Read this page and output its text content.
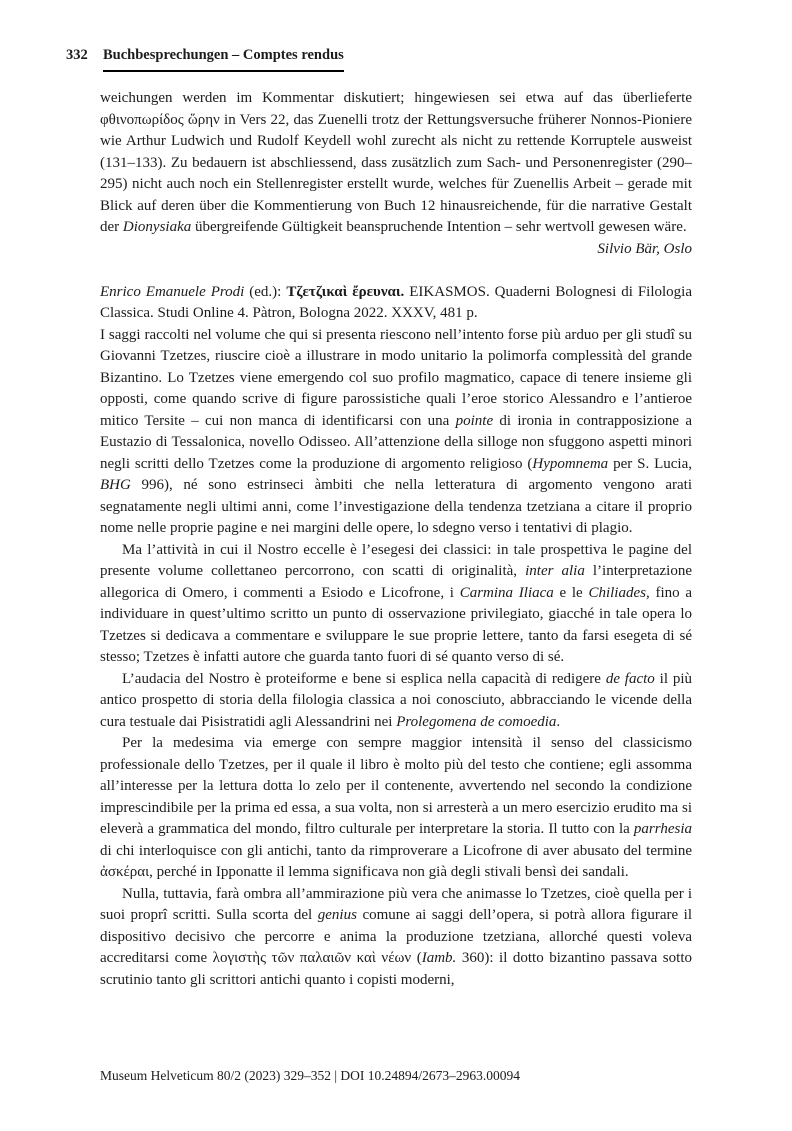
332 Buchbesprechungen – Comptes rendus

weichungen werden im Kommentar diskutiert; hingewiesen sei etwa auf das überlieferte φθινοπωρίδος ὥρην in Vers 22, das Zuenelli trotz der Rettungsversuche früherer Nonnos-Pioniere wie Arthur Ludwich und Rudolf Keydell wohl zurecht als nicht zu rettende Korruptele ausweist (131–133). Zu bedauern ist abschliessend, dass zusätzlich zum Sach- und Personenregister (290–295) nicht auch noch ein Stellenregister erstellt wurde, welches für Zuenellis Arbeit – gerade mit Blick auf deren über die Kommentierung von Buch 12 hinausreichende, für die narrative Gestalt der Dionysiaka übergreifende Gültigkeit beanspruchende Intention – sehr wertvoll gewesen wäre.

Silvio Bär, Oslo

Enrico Emanuele Prodi (ed.): Τζετζικαὶ ἔρευναι. EIKASMOS. Quaderni Bolognesi di Filologia Classica. Studi Online 4. Pàtron, Bologna 2022. XXXV, 481 p.

I saggi raccolti nel volume che qui si presenta riescono nell’intento forse più arduo per gli studî su Giovanni Tzetzes, riuscire cioè a illustrare in modo unitario la polimorfa complessità del grande Bizantino. Lo Tzetzes viene emergendo col suo profilo magmatico, capace di tenere insieme gli opposti, come quando scrive di figure parossistiche quali l’eroe storico Alessandro e l’antieroe mitico Tersite – cui non manca di identificarsi con una pointe di ironia in contrapposizione a Eustazio di Tessalonica, novello Odisseo. All’attenzione della silloge non sfuggono aspetti minori negli scritti dello Tzetzes come la produzione di argomento religioso (Hypomnema per S. Lucia, BHG 996), né sono estrinseci àmbiti che nella letteratura di argomento vengono arati segnatamente negli ultimi anni, come l’investigazione della tendenza tzetziana a citare il proprio nome nelle proprie pagine e nei margini delle opere, lo sdegno verso i tentativi di plagio.

Ma l’attività in cui il Nostro eccelle è l’esegesi dei classici: in tale prospettiva le pagine del presente volume collettaneo percorrono, con scatti di originalità, inter alia l’interpretazione allegorica di Omero, i commenti a Esiodo e Licofrone, i Carmina Iliaca e le Chiliades, fino a individuare in quest’ultimo scritto un punto di osservazione privilegiato, giacché in tale opera lo Tzetzes si dedicava a commentare e sviluppare le sue proprie lettere, tanto da farsi esegeta di sé stesso; Tzetzes è infatti autore che guarda tanto fuori di sé quanto verso di sé.

L’audacia del Nostro è proteiforme e bene si esplica nella capacità di redigere de facto il più antico prospetto di storia della filologia classica a noi conosciuto, abbracciando le vicende della cura testuale dai Pisistratidi agli Alessandrini nei Prolegomena de comoedia.

Per la medesima via emerge con sempre maggior intensità il senso del classicismo professionale dello Tzetzes, per il quale il libro è molto più del testo che contiene; egli assomma all’interesse per la lettura dotta lo zelo per il contenente, avvertendo nel secondo la condizione imprescindibile per la prima ed essa, a sua volta, non si arresterà a un mero esercizio erudito ma si eleverà a grammatica del mondo, filtro culturale per interpretare la storia. Il tutto con la parrhesia di chi interloquisce con gli antichi, tanto da rimproverare a Licofrone di aver abusato del termine ἀσκέραι, perché in Ipponatte il lemma significava non già degli stivali bensì dei sandali.

Nulla, tuttavia, farà ombra all’ammirazione più vera che animasse lo Tzetzes, cioè quella per i suoi proprî scritti. Sulla scorta del genius comune ai saggi dell’opera, si potrà allora figurare il dispositivo decisivo che percorre e anima la produzione tzetziana, allorché questi voleva accreditarsi come λογιστὴς τῶν παλαιῶν καὶ νέων (Iamb. 360): il dotto bizantino passava sotto scrutinio tanto gli scrittori antichi quanto i copisti moderni,

Museum Helveticum 80/2 (2023) 329–352 | DOI 10.24894/2673–2963.00094
